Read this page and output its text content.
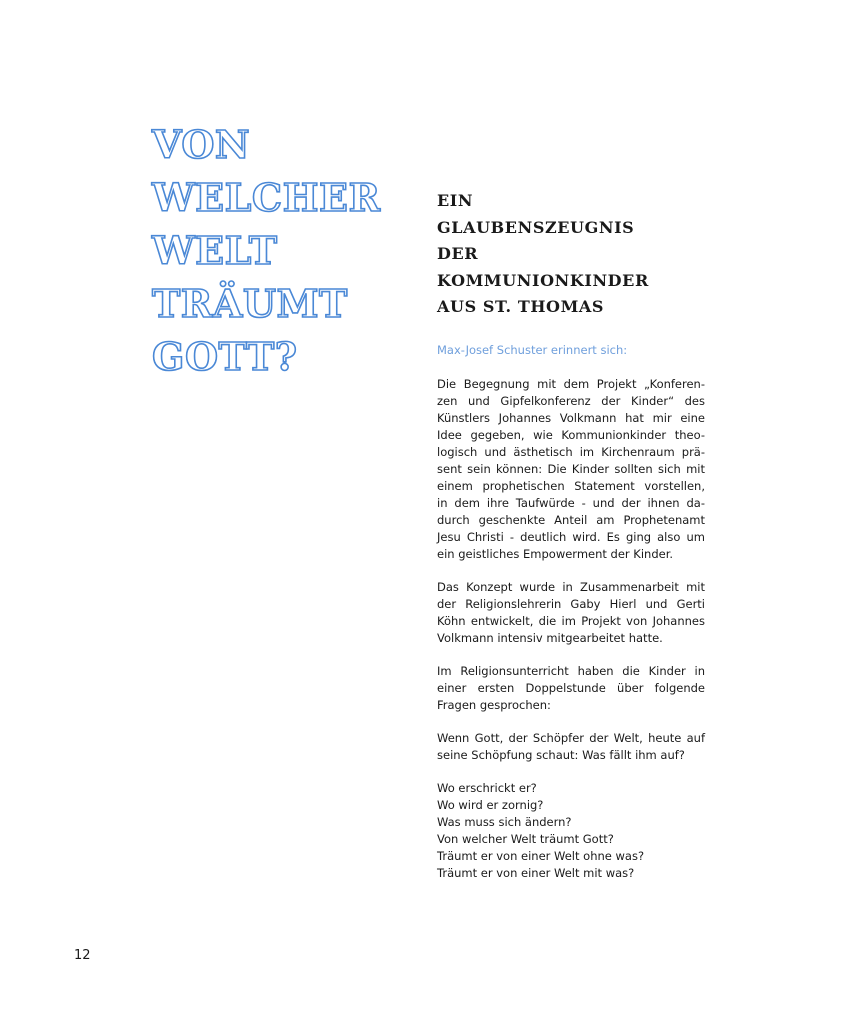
VON
WELCHER
WELT
TRÄUMT
GOTT?
EIN
GLAUBENSZEUGNIS
DER
KOMMUNIONKINDER
AUS ST. THOMAS
Max-Josef Schuster erinnert sich:
Die Begegnung mit dem Projekt „Konferen-
zen und Gipfelkonferenz der Kinder“ des
Künstlers Johannes Volkmann hat mir eine
Idee gegeben, wie Kommunionkinder theo-
logisch und ästhetisch im Kirchenraum prä-
sent sein können: Die Kinder sollten sich mit
einem prophetischen Statement vorstellen,
in dem ihre Taufwürde - und der ihnen da-
durch geschenkte Anteil am Prophetenamt
Jesu Christi - deutlich wird. Es ging also um
ein geistliches Empowerment der Kinder.
Das Konzept wurde in Zusammenarbeit mit
der Religionslehrerin Gaby Hierl und Gerti
Köhn entwickelt, die im Projekt von Johannes
Volkmann intensiv mitgearbeitet hatte.
Im Religionsunterricht haben die Kinder in
einer ersten Doppelstunde über folgende
Fragen gesprochen:
Wenn Gott, der Schöpfer der Welt, heute auf
seine Schöpfung schaut: Was fällt ihm auf?
Wo erschrickt er?
Wo wird er zornig?
Was muss sich ändern?
Von welcher Welt träumt Gott?
Träumt er von einer Welt ohne was?
Träumt er von einer Welt mit was?
12
